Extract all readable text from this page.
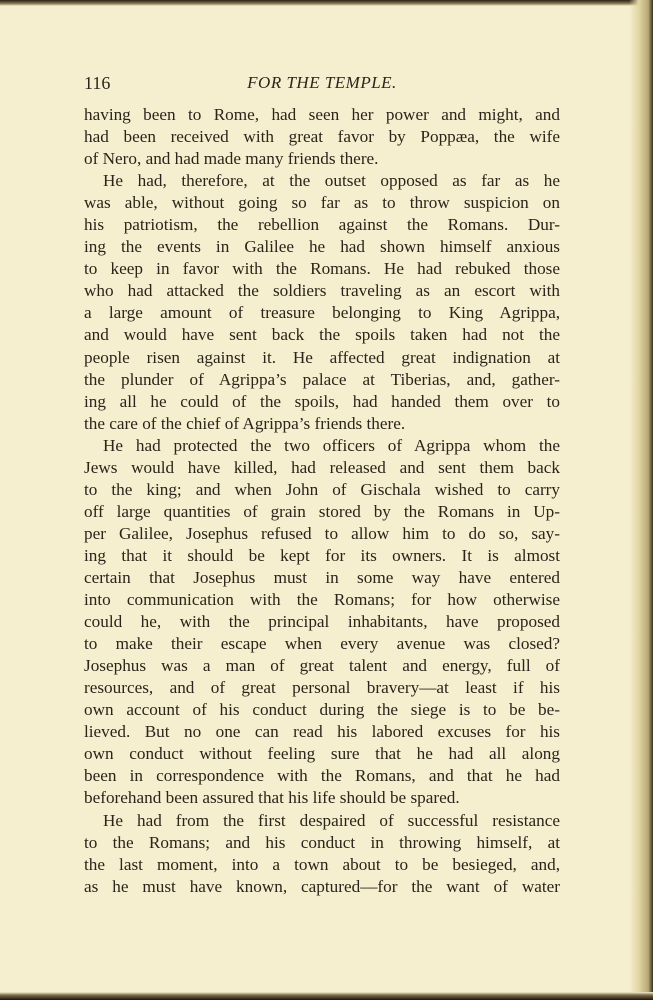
FOR THE TEMPLE.
116
having been to Rome, had seen her power and might, and
had been received with great favor by Poppæa, the wife
of Nero, and had made many friends there.
He had, therefore, at the outset opposed as far as he
was able, without going so far as to throw suspicion on
his patriotism, the rebellion against the Romans. Dur-
ing the events in Galilee he had shown himself anxious
to keep in favor with the Romans. He had rebuked those
who had attacked the soldiers traveling as an escort with
a large amount of treasure belonging to King Agrippa,
and would have sent back the spoils taken had not the
people risen against it. He affected great indignation at
the plunder of Agrippa’s palace at Tiberias, and, gather-
ing all he could of the spoils, had handed them over to
the care of the chief of Agrippa’s friends there.
He had protected the two officers of Agrippa whom the
Jews would have killed, had released and sent them back
to the king; and when John of Gischala wished to carry
off large quantities of grain stored by the Romans in Up-
per Galilee, Josephus refused to allow him to do so, say-
ing that it should be kept for its owners. It is almost
certain that Josephus must in some way have entered
into communication with the Romans; for how otherwise
could he, with the principal inhabitants, have proposed
to make their escape when every avenue was closed?
Josephus was a man of great talent and energy, full of
resources, and of great personal bravery—at least if his
own account of his conduct during the siege is to be be-
lieved. But no one can read his labored excuses for his
own conduct without feeling sure that he had all along
been in correspondence with the Romans, and that he had
beforehand been assured that his life should be spared.
He had from the first despaired of successful resistance
to the Romans; and his conduct in throwing himself, at
the last moment, into a town about to be besieged, and,
as he must have known, captured—for the want of water
